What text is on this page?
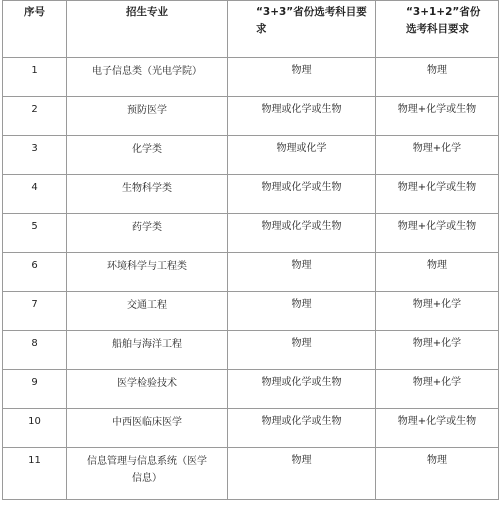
序号	招生专业	“3+3”省份选考科目要求	“3+1+2”省份选考科目要求
1	电子信息类（光电学院）	物理	物理
2	预防医学	物理或化学或生物	物理+化学或生物
3	化学类	物理或化学	物理+化学
4	生物科学类	物理或化学或生物	物理+化学或生物
5	药学类	物理或化学或生物	物理+化学或生物
6	环境科学与工程类	物理	物理
7	交通工程	物理	物理+化学
8	船舶与海洋工程	物理	物理+化学
9	医学检验技术	物理或化学或生物	物理+化学
10	中西医临床医学	物理或化学或生物	物理+化学或生物
11	信息管理与信息系统（医学信息）	物理	物理
